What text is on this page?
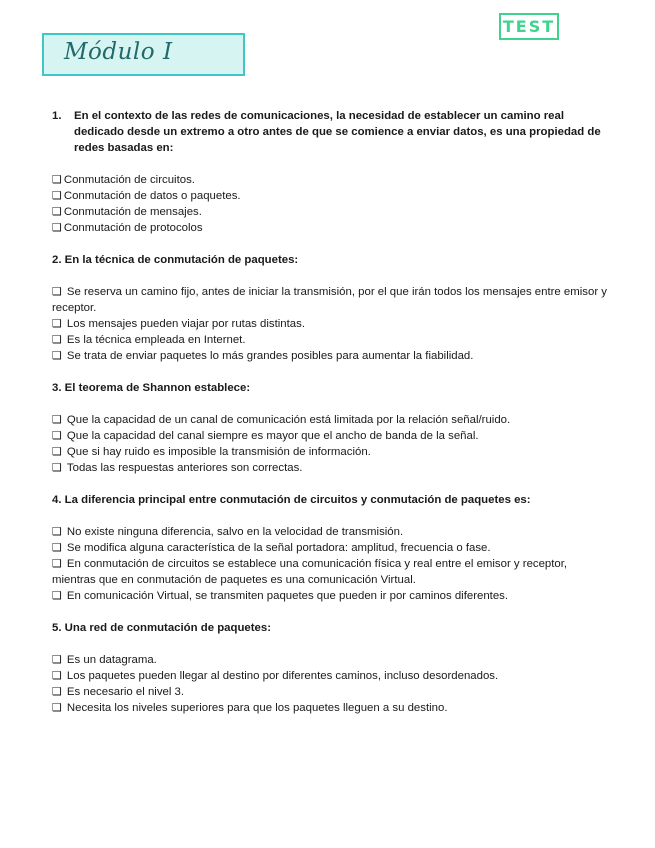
TEST
Módulo I
1.	En el contexto de las redes de comunicaciones, la necesidad de establecer un camino real dedicado desde un extremo a otro antes de que se comience a enviar datos, es una propiedad de redes basadas en:
❑ Conmutación de circuitos.
❑ Conmutación de datos o paquetes.
❑ Conmutación de mensajes.
❑ Conmutación de protocolos
2. En la técnica de conmutación de paquetes:
❑ Se reserva un camino fijo, antes de iniciar la transmisión, por el que irán todos los mensajes entre emisor y receptor.
❑ Los mensajes pueden viajar por rutas distintas.
❑ Es la técnica empleada en Internet.
❑ Se trata de enviar paquetes lo más grandes posibles para aumentar la fiabilidad.
3. El teorema de Shannon establece:
❑ Que la capacidad de un canal de comunicación está limitada por la relación señal/ruido.
❑ Que la capacidad del canal siempre es mayor que el ancho de banda de la señal.
❑ Que si hay ruido es imposible la transmisión de información.
❑ Todas las respuestas anteriores son correctas.
4. La diferencia principal entre conmutación de circuitos y conmutación de paquetes es:
❑ No existe ninguna diferencia, salvo en la velocidad de transmisión.
❑ Se modifica alguna característica de la señal portadora: amplitud, frecuencia o fase.
❑ En conmutación de circuitos se establece una comunicación física y real entre el emisor y receptor, mientras que en conmutación de paquetes es una comunicación Virtual.
❑ En comunicación Virtual, se transmiten paquetes que pueden ir por caminos diferentes.
5. Una red de conmutación de paquetes:
❑ Es un datagrama.
❑ Los paquetes pueden llegar al destino por diferentes caminos, incluso desordenados.
❑ Es necesario el nivel 3.
❑ Necesita los niveles superiores para que los paquetes lleguen a su destino.
